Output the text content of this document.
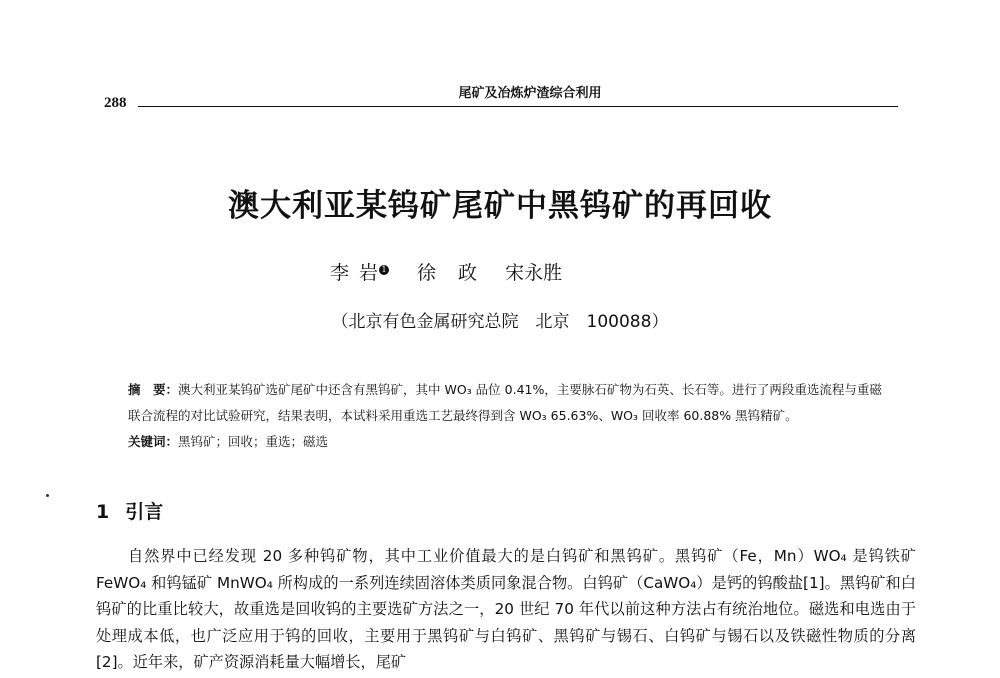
尾矿及冶炼炉渣综合利用
288
澳大利亚某钨矿尾矿中黑钨矿的再回收
李 岩 1 徐 政 宋永胜
（北京有色金属研究总院　北京　100088）
摘　要：澳大利亚某钨矿选矿尾矿中还含有黑钨矿，其中 WO₃ 品位 0.41%，主要脉石矿物为石英、长石等。进行了两段重选流程与重磁联合流程的对比试验研究，结果表明，本试料采用重选工艺最终得到含 WO₃ 65.63%、WO₃ 回收率 60.88% 黑钨精矿。
关键词：黑钨矿；回收；重选；磁选
1 引言

自然界中已经发现 20 多种钨矿物，其中工业价值最大的是白钨矿和黑钨矿。黑钨矿（Fe，Mn）WO₄ 是钨铁矿 FeWO₄ 和钨锰矿 MnWO₄ 所构成的一系列连续固溶体类质同象混合物。白钨矿（CaWO₄）是钙的钨酸盐[1]。黑钨矿和白钨矿的比重比较大，故重选是回收钨的主要选矿方法之一，20 世纪 70 年代以前这种方法占有统治地位。磁选和电选由于处理成本低，也广泛应用于钨的回收，主要用于黑钨矿与白钨矿、黑钨矿与锡石、白钨矿与锡石以及铁磁性物质的分离[2]。近年来，矿产资源消耗量大幅增长，尾矿
